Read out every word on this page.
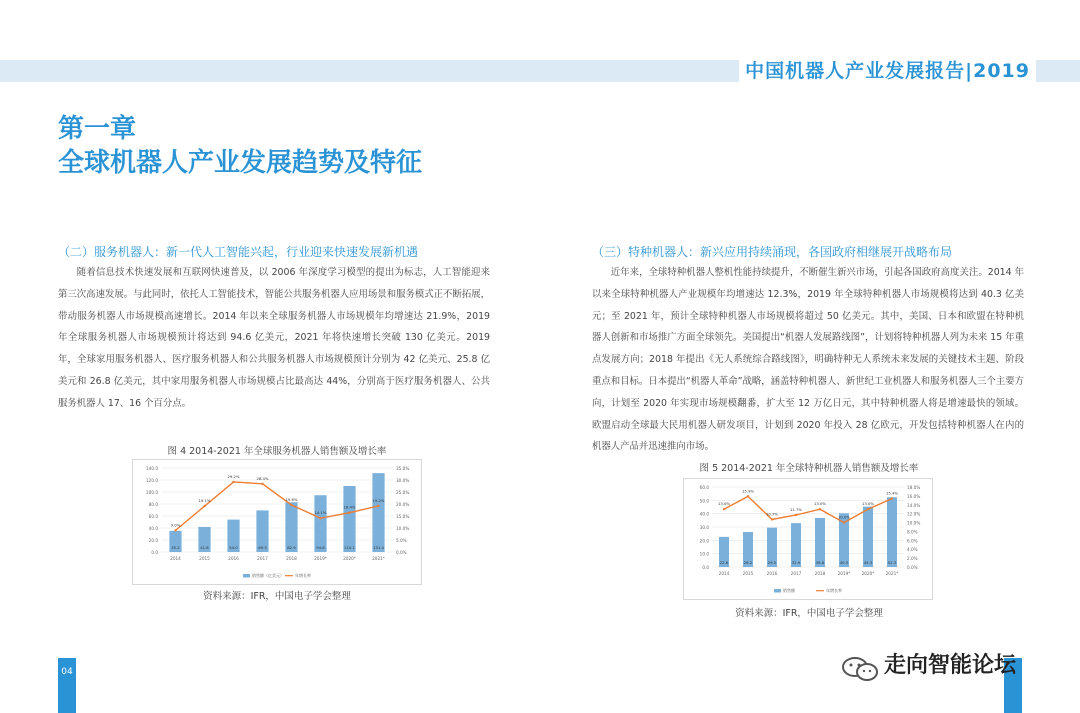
中国机器人产业发展报告|2019
第一章
全球机器人产业发展趋势及特征
（二）服务机器人：新一代人工智能兴起，行业迎来快速发展新机遇

随着信息技术快速发展和互联网快速普及，以 2006 年深度学习模型的提出为标志，人工智能迎来第三次高速发展。与此同时，依托人工智能技术，智能公共服务机器人应用场景和服务模式正不断拓展，带动服务机器人市场规模高速增长。2014 年以来全球服务机器人市场规模年均增速达 21.9%，2019 年全球服务机器人市场规模预计将达到 94.6 亿美元，2021 年将快速增长突破 130 亿美元。2019 年，全球家用服务机器人、医疗服务机器人和公共服务机器人市场规模预计分别为 42 亿美元、25.8 亿美元和 26.8 亿美元，其中家用服务机器人市场规模占比最高达 44%，分别高于医疗服务机器人、公共服务机器人 17、16 个百分点。

图 4 2014-2021 年全球服务机器人销售额及增长率
0.0
20.0
40.0
60.0
80.0
100.0
120.0
140.0
0.0%
5.0%
10.0%
15.0%
20.0%
25.0%
30.0%
35.0%
35.2
2014
41.8
2015
54.0
2016
69.3
2017
82.9
2018
94.6
2019*
110.1
2020*
131.4
2021*
9.0%
19.1%
29.2%	28.4%
19.6%
14.1%
16.4%
19.2%
销售额（亿美元）	年增长率
资料来源：IFR，中国电子学会整理
（三）特种机器人：新兴应用持续涌现，各国政府相继展开战略布局

近年来，全球特种机器人整机性能持续提升，不断催生新兴市场，引起各国政府高度关注。2014 年以来全球特种机器人产业规模年均增速达 12.3%，2019 年全球特种机器人市场规模将达到 40.3 亿美元；至 2021 年，预计全球特种机器人市场规模将超过 50 亿美元。其中，美国、日本和欧盟在特种机器人创新和市场推广方面全球领先。美国提出“机器人发展路线图”，计划将特种机器人列为未来 15 年重点发展方向；2018 年提出《无人系统综合路线图》，明确特种无人系统未来发展的关键技术主题、阶段重点和目标。日本提出“机器人革命”战略，涵盖特种机器人、新世纪工业机器人和服务机器人三个主要方向，计划至 2020 年实现市场规模翻番，扩大至 12 万亿日元，其中特种机器人将是增速最快的领域。欧盟启动全球最大民用机器人研发项目，计划到 2020 年投入 28 亿欧元，开发包括特种机器人在内的机器人产品并迅速推向市场。

图 5 2014-2021 年全球特种机器人销售额及增长率
0.0
10.0
20.0
30.0
40.0
50.0
60.0
0.0%
2.0%
4.0%
6.0%
8.0%
10.0%
12.0%
14.0%
16.0%
18.0%
22.6
2014
26.2
2015
29.5
2016
32.9
2017
36.8
2018
40.3
2019*
45.3
2020*
52.3
2021*
13.0%
15.9%
10.7%
11.7%
13.0%
10.0%
13.0%
15.4%
销售额	年增长率
资料来源：IFR，中国电子学会整理
04	走向智能论坛
